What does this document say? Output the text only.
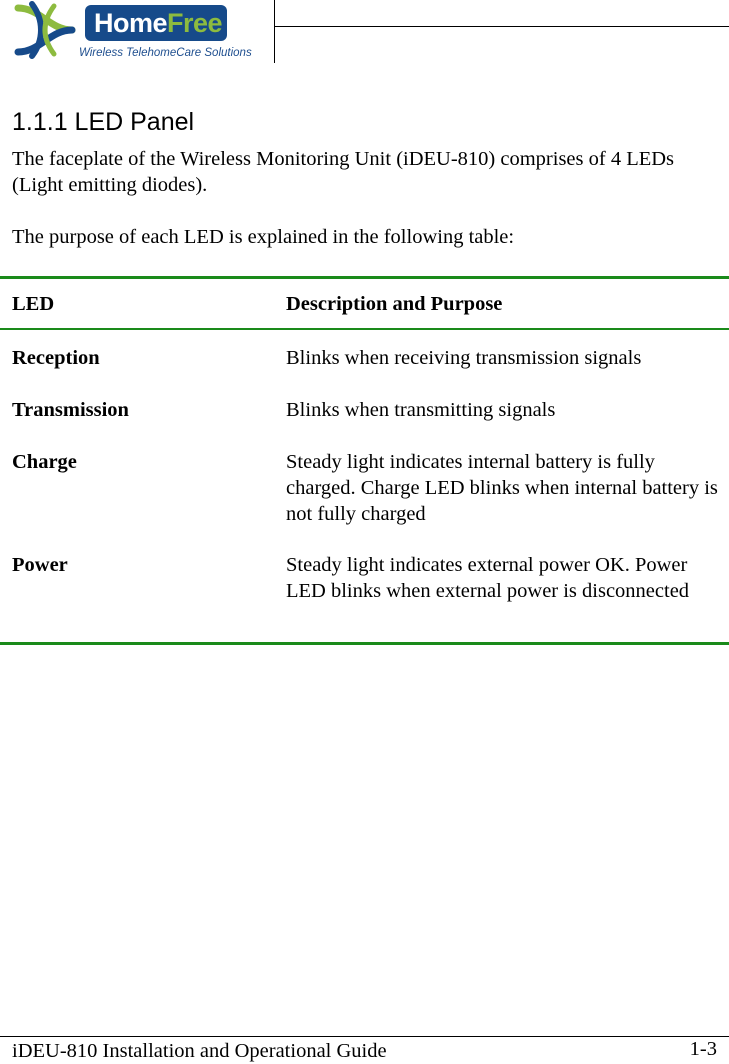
HomeFree
Wireless TelehomeCare Solutions
1.1.1 LED Panel

The faceplate of the Wireless Monitoring Unit (iDEU-810) comprises of 4 LEDs (Light emitting diodes).

The purpose of each LED is explained in the following table:

LED	Description and Purpose
Reception	Blinks when receiving transmission signals
Transmission	Blinks when transmitting signals
Charge	Steady light indicates internal battery is fully charged. Charge LED blinks when internal battery is not fully charged
Power	Steady light indicates external power OK. Power LED blinks when external power is disconnected
iDEU-810 Installation and Operational Guide	1-3
